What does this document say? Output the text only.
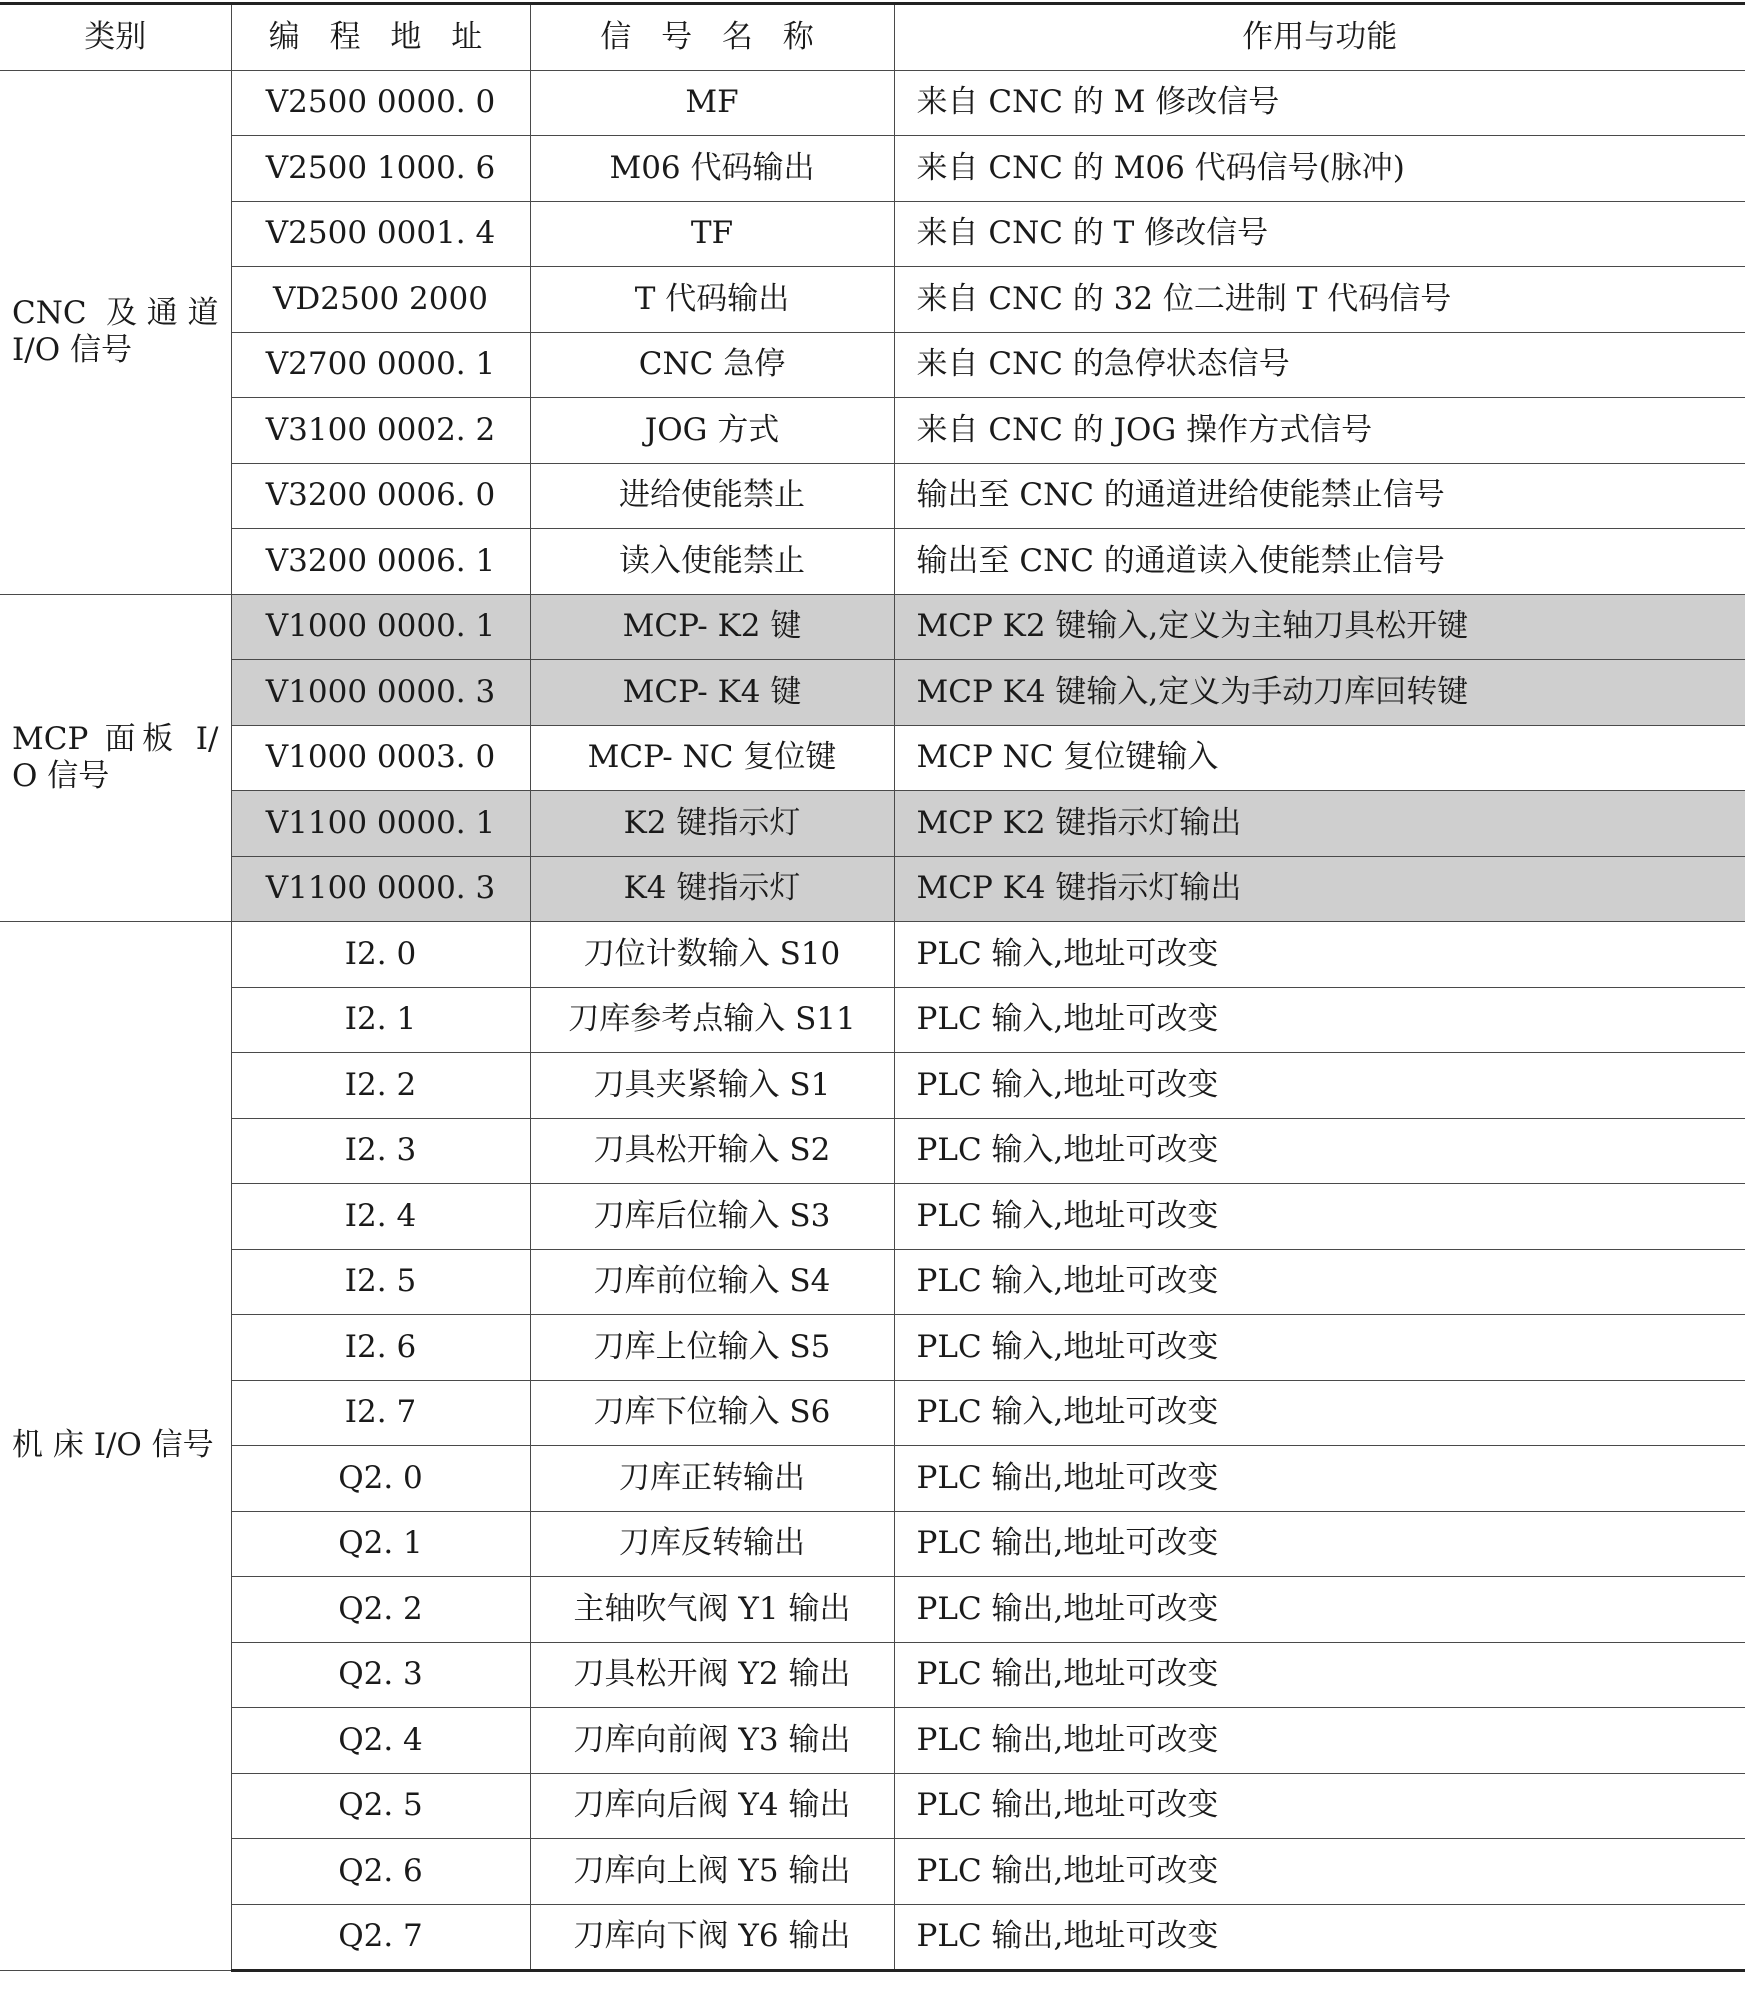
类别	编 程 地 址	信 号 名 称	作用与功能
CNC 及通道 I/O 信号	V2500 0000. 0	MF	来自 CNC 的 M 修改信号
	V2500 1000. 6	M06 代码输出	来自 CNC 的 M06 代码信号(脉冲)
	V2500 0001. 4	TF	来自 CNC 的 T 修改信号
	VD2500 2000	T 代码输出	来自 CNC 的 32 位二进制 T 代码信号
	V2700 0000. 1	CNC 急停	来自 CNC 的急停状态信号
	V3100 0002. 2	JOG 方式	来自 CNC 的 JOG 操作方式信号
	V3200 0006. 0	进给使能禁止	输出至 CNC 的通道进给使能禁止信号
	V3200 0006. 1	读入使能禁止	输出至 CNC 的通道读入使能禁止信号
MCP 面板 I/ O 信号	V1000 0000. 1	MCP- K2 键	MCP K2 键输入,定义为主轴刀具松开键
	V1000 0000. 3	MCP- K4 键	MCP K4 键输入,定义为手动刀库回转键
	V1000 0003. 0	MCP- NC 复位键	MCP NC 复位键输入
	V1100 0000. 1	K2 键指示灯	MCP K2 键指示灯输出
	V1100 0000. 3	K4 键指示灯	MCP K4 键指示灯输出
机 床 I/O 信号	I2. 0	刀位计数输入 S10	PLC 输入,地址可改变
	I2. 1	刀库参考点输入 S11	PLC 输入,地址可改变
	I2. 2	刀具夹紧输入 S1	PLC 输入,地址可改变
	I2. 3	刀具松开输入 S2	PLC 输入,地址可改变
	I2. 4	刀库后位输入 S3	PLC 输入,地址可改变
	I2. 5	刀库前位输入 S4	PLC 输入,地址可改变
	I2. 6	刀库上位输入 S5	PLC 输入,地址可改变
	I2. 7	刀库下位输入 S6	PLC 输入,地址可改变
	Q2. 0	刀库正转输出	PLC 输出,地址可改变
	Q2. 1	刀库反转输出	PLC 输出,地址可改变
	Q2. 2	主轴吹气阀 Y1 输出	PLC 输出,地址可改变
	Q2. 3	刀具松开阀 Y2 输出	PLC 输出,地址可改变
	Q2. 4	刀库向前阀 Y3 输出	PLC 输出,地址可改变
	Q2. 5	刀库向后阀 Y4 输出	PLC 输出,地址可改变
	Q2. 6	刀库向上阀 Y5 输出	PLC 输出,地址可改变
	Q2. 7	刀库向下阀 Y6 输出	PLC 输出,地址可改变
